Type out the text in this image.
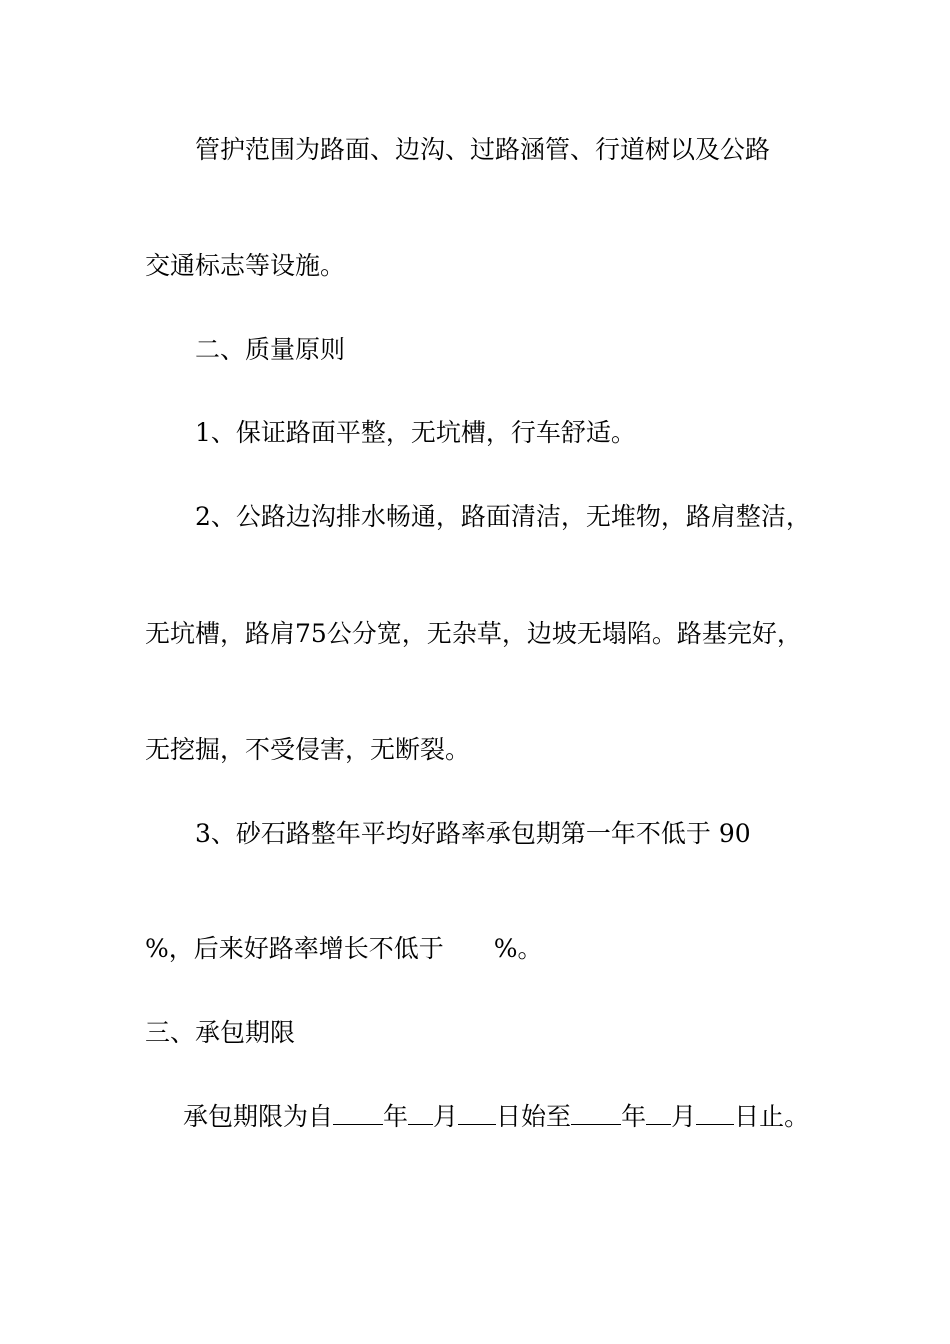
管护范围为路面、边沟、过路涵管、行道树以及公路

交通标志等设施。

二、质量原则

1、保证路面平整，无坑槽，行车舒适。

2、公路边沟排水畅通，路面清洁，无堆物，路肩整洁，

无坑槽，路肩75公分宽，无杂草，边坡无塌陷。路基完好，

无挖掘，不受侵害，无断裂。

3、砂石路整年平均好路率承包期第一年不低于 90

%，后来好路率增长不低于　　%。

三、承包期限

承包期限为自 年 月 日始至 年 月 日止。
